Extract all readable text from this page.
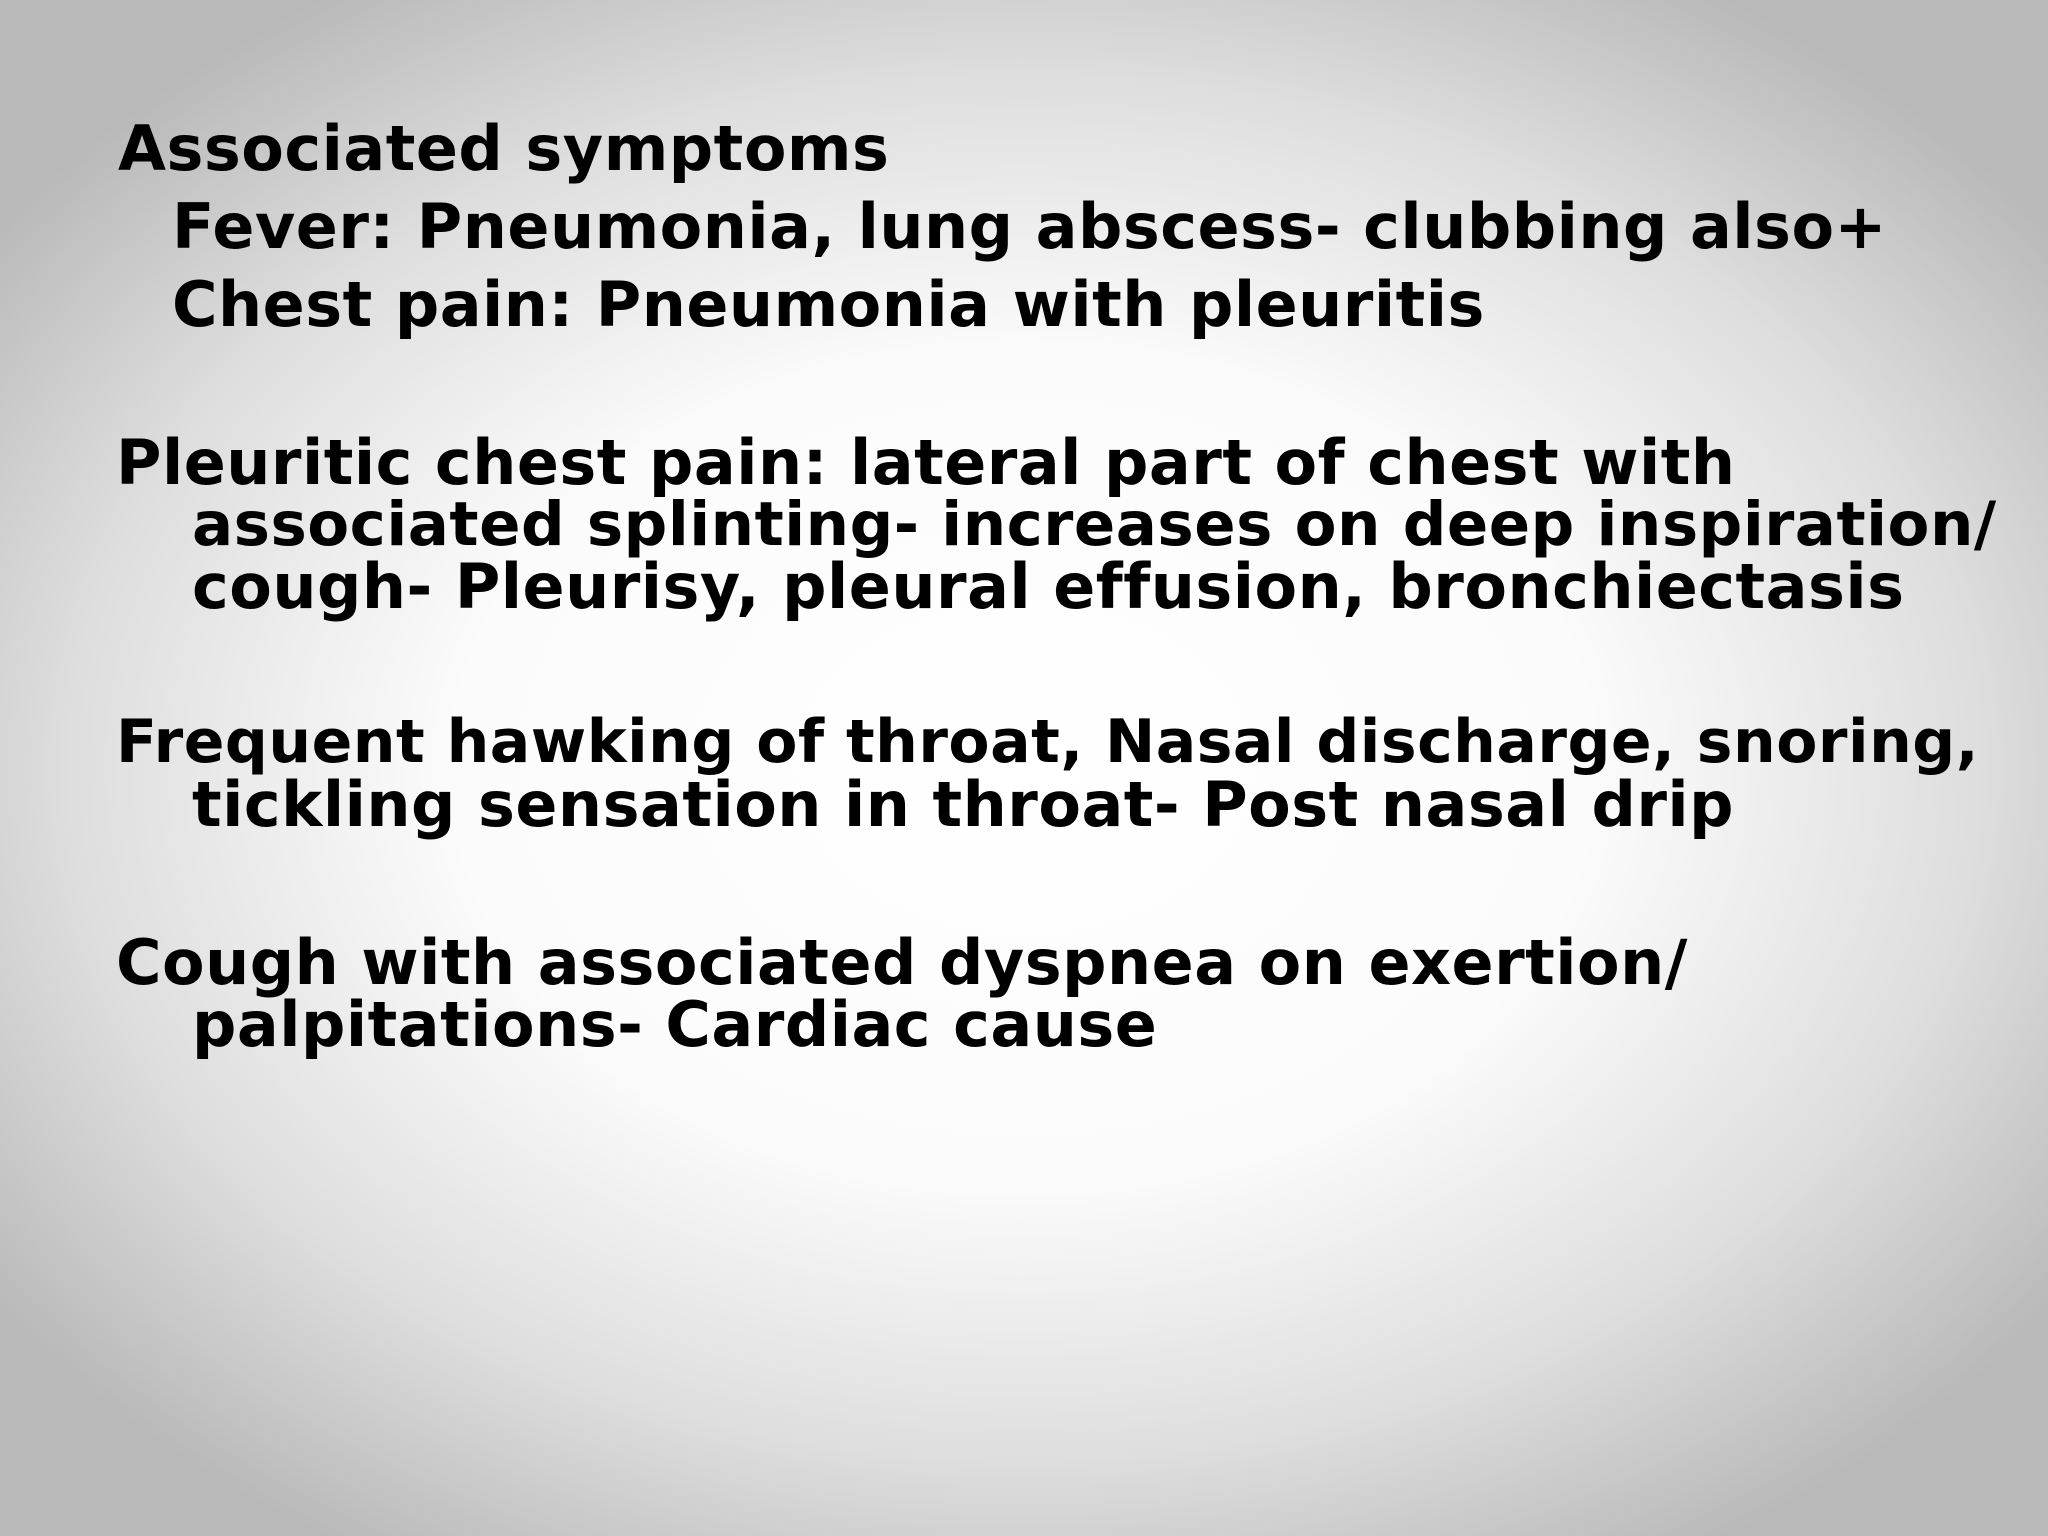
Associated symptoms

Fever: Pneumonia, lung abscess- clubbing also+

Chest pain: Pneumonia with pleuritis

Pleuritic chest pain: lateral part of chest with

associated splinting- increases on deep inspiration/

cough- Pleurisy, pleural effusion, bronchiectasis

Frequent hawking of throat, Nasal discharge, snoring,

tickling sensation in throat- Post nasal drip

Cough with associated dyspnea on exertion/

palpitations- Cardiac cause
